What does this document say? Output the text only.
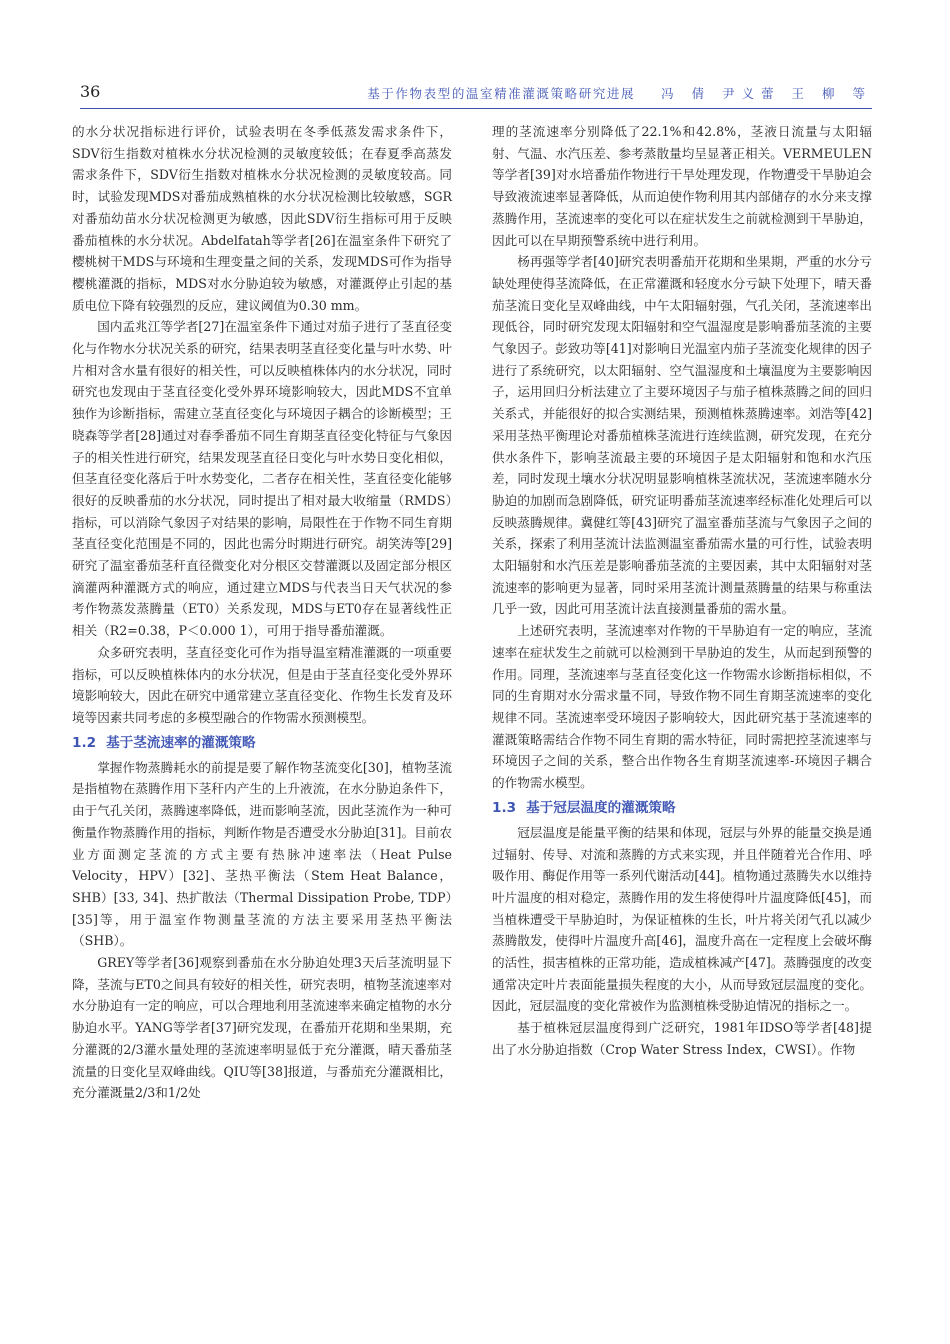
36	基于作物表型的温室精准灌溉策略研究进展 冯 倩 尹义蕾 王 柳 等

的水分状况指标进行评价，试验表明在冬季低蒸发需求条件下，SDV衍生指数对植株水分状况检测的灵敏度较低；在春夏季高蒸发需求条件下，SDV衍生指数对植株水分状况检测的灵敏度较高。同时，试验发现MDS对番茄成熟植株的水分状况检测比较敏感，SGR对番茄幼苗水分状况检测更为敏感，因此SDV衍生指标可用于反映番茄植株的水分状况。Abdelfatah等学者[26]在温室条件下研究了樱桃树干MDS与环境和生理变量之间的关系，发现MDS可作为指导樱桃灌溉的指标，MDS对水分胁迫较为敏感，对灌溉停止引起的基质电位下降有较强烈的反应，建议阈值为0.30 mm。

国内孟兆江等学者[27]在温室条件下通过对茄子进行了茎直径变化与作物水分状况关系的研究，结果表明茎直径变化量与叶水势、叶片相对含水量有很好的相关性，可以反映植株体内的水分状况，同时研究也发现由于茎直径变化受外界环境影响较大，因此MDS不宜单独作为诊断指标，需建立茎直径变化与环境因子耦合的诊断模型；王晓森等学者[28]通过对春季番茄不同生育期茎直径变化特征与气象因子的相关性进行研究，结果发现茎直径日变化与叶水势日变化相似，但茎直径变化落后于叶水势变化，二者存在相关性，茎直径变化能够很好的反映番茄的水分状况，同时提出了相对最大收缩量（RMDS）指标，可以消除气象因子对结果的影响，局限性在于作物不同生育期茎直径变化范围是不同的，因此也需分时期进行研究。胡笑涛等[29]研究了温室番茄茎秆直径微变化对分根区交替灌溉以及固定部分根区滴灌两种灌溉方式的响应，通过建立MDS与代表当日天气状况的参考作物蒸发蒸腾量（ET0）关系发现，MDS与ET0存在显著线性正相关（R2=0.38，P＜0.000 1），可用于指导番茄灌溉。

众多研究表明，茎直径变化可作为指导温室精准灌溉的一项重要指标，可以反映植株体内的水分状况，但是由于茎直径变化受外界环境影响较大，因此在研究中通常建立茎直径变化、作物生长发育及环境等因素共同考虑的多模型融合的作物需水预测模型。

1.2 基于茎流速率的灌溉策略

掌握作物蒸腾耗水的前提是要了解作物茎流变化[30]，植物茎流是指植物在蒸腾作用下茎秆内产生的上升液流，在水分胁迫条件下，由于气孔关闭，蒸腾速率降低，进而影响茎流，因此茎流作为一种可衡量作物蒸腾作用的指标，判断作物是否遭受水分胁迫[31]。目前农业方面测定茎流的方式主要有热脉冲速率法（Heat Pulse Velocity，HPV）[32]、茎热平衡法（Stem Heat Balance，SHB）[33, 34]、热扩散法（Thermal Dissipation Probe, TDP）[35]等，用于温室作物测量茎流的方法主要采用茎热平衡法（SHB）。

GREY等学者[36]观察到番茄在水分胁迫处理3天后茎流明显下降，茎流与ET0之间具有较好的相关性，研究表明，植物茎流速率对水分胁迫有一定的响应，可以合理地利用茎流速率来确定植物的水分胁迫水平。YANG等学者[37]研究发现，在番茄开花期和坐果期，充分灌溉的2/3灌水量处理的茎流速率明显低于充分灌溉，晴天番茄茎流量的日变化呈双峰曲线。QIU等[38]报道，与番茄充分灌溉相比，充分灌溉量2/3和1/2处

理的茎流速率分别降低了22.1%和42.8%，茎液日流量与太阳辐射、气温、水汽压差、参考蒸散量均呈显著正相关。VERMEULEN等学者[39]对水培番茄作物进行干旱处理发现，作物遭受干旱胁迫会导致液流速率显著降低，从而迫使作物利用其内部储存的水分来支撑蒸腾作用，茎流速率的变化可以在症状发生之前就检测到干旱胁迫，因此可以在早期预警系统中进行利用。

杨再强等学者[40]研究表明番茄开花期和坐果期，严重的水分亏缺处理使得茎流降低，在正常灌溉和轻度水分亏缺下处理下，晴天番茄茎流日变化呈双峰曲线，中午太阳辐射强，气孔关闭，茎流速率出现低谷，同时研究发现太阳辐射和空气温湿度是影响番茄茎流的主要气象因子。彭致功等[41]对影响日光温室内茄子茎流变化规律的因子进行了系统研究，以太阳辐射、空气温湿度和土壤温度为主要影响因子，运用回归分析法建立了主要环境因子与茄子植株蒸腾之间的回归关系式，并能很好的拟合实测结果，预测植株蒸腾速率。刘浩等[42]采用茎热平衡理论对番茄植株茎流进行连续监测，研究发现，在充分供水条件下，影响茎流最主要的环境因子是太阳辐射和饱和水汽压差，同时发现土壤水分状况明显影响植株茎流状况，茎流速率随水分胁迫的加剧而急剧降低，研究证明番茄茎流速率经标准化处理后可以反映蒸腾规律。冀健红等[43]研究了温室番茄茎流与气象因子之间的关系，探索了利用茎流计法监测温室番茄需水量的可行性，试验表明太阳辐射和水汽压差是影响番茄茎流的主要因素，其中太阳辐射对茎流速率的影响更为显著，同时采用茎流计测量蒸腾量的结果与称重法几乎一致，因此可用茎流计法直接测量番茄的需水量。

上述研究表明，茎流速率对作物的干旱胁迫有一定的响应，茎流速率在症状发生之前就可以检测到干旱胁迫的发生，从而起到预警的作用。同理，茎流速率与茎直径变化这一作物需水诊断指标相似，不同的生育期对水分需求量不同，导致作物不同生育期茎流速率的变化规律不同。茎流速率受环境因子影响较大，因此研究基于茎流速率的灌溉策略需结合作物不同生育期的需水特征，同时需把控茎流速率与环境因子之间的关系，整合出作物各生育期茎流速率-环境因子耦合的作物需水模型。

1.3 基于冠层温度的灌溉策略

冠层温度是能量平衡的结果和体现，冠层与外界的能量交换是通过辐射、传导、对流和蒸腾的方式来实现，并且伴随着光合作用、呼吸作用、酶促作用等一系列代谢活动[44]。植物通过蒸腾失水以维持叶片温度的相对稳定，蒸腾作用的发生将使得叶片温度降低[45]，而当植株遭受干旱胁迫时，为保证植株的生长，叶片将关闭气孔以减少蒸腾散发，使得叶片温度升高[46]，温度升高在一定程度上会破坏酶的活性，损害植株的正常功能，造成植株减产[47]。蒸腾强度的改变通常决定叶片表面能量损失程度的大小，从而导致冠层温度的变化。因此，冠层温度的变化常被作为监测植株受胁迫情况的指标之一。

基于植株冠层温度得到广泛研究，1981年IDSO等学者[48]提出了水分胁迫指数（Crop Water Stress Index，CWSI）。作物
